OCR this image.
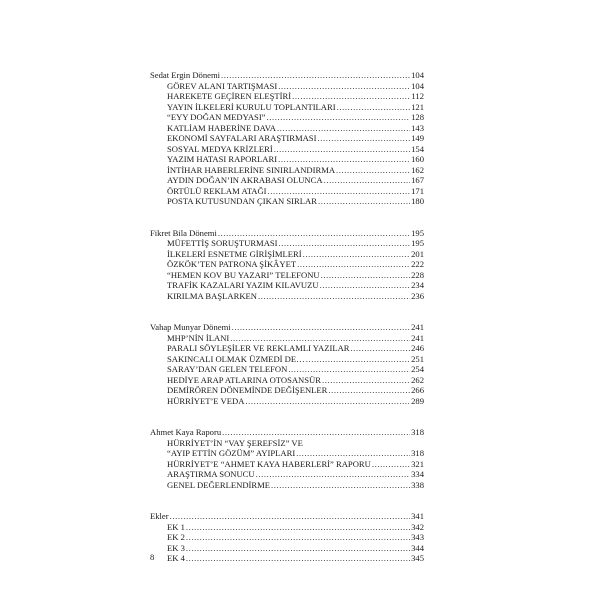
Sedat Ergin Dönemi .....	104
GÖREV ALANI TARTIŞMASI .....	104
HAREKETE GEÇİREN ELEŞTİRİ .....	112
YAYIN İLKELERİ KURULU TOPLANTILARI .....	121
“EYY DOĞAN MEDYASI” .....	128
KATLİAM HABERİNE DAVA .....	143
EKONOMİ SAYFALARI ARAŞTIRMASI .....	149
SOSYAL MEDYA KRİZLERİ .....	154
YAZIM HATASI RAPORLARI .....	160
İNTİHAR HABERLERİNE SINIRLANDIRMA .....	162
AYDIN DOĞAN’IN AKRABASI OLUNCA .....	167
ÖRTÜLÜ REKLAM ATAĞI .....	171
POSTA KUTUSUNDAN ÇIKAN SIRLAR .....	180
Fikret Bila Dönemi .....	195
MÜFETTİŞ SORUŞTURMASI .....	195
İLKELERİ ESNETME GİRİŞİMLERİ .....	201
ÖZKÖK’TEN PATRONA ŞİKÂYET .....	222
“HEMEN KOV BU YAZARI” TELEFONU .....	228
TRAFİK KAZALARI YAZIM KILAVUZU .....	234
KIRILMA BAŞLARKEN .....	236
Vahap Munyar Dönemi .....	241
MHP’NİN İLANI .....	241
PARALI SÖYLEŞİLER VE REKLAMLI YAZILAR .....	246
SAKINCALI OLMAK ÜZMEDİ DE… .....	251
SARAY’DAN GELEN TELEFON .....	254
HEDİYE ARAP ATLARINA OTOSANSÜR .....	262
DEMİRÖREN DÖNEMİNDE DEĞİŞENLER .....	266
HÜRRİYET’E VEDA .....	289
Ahmet Kaya Raporu .....	318
HÜRRİYET’İN “VAY ŞEREFSİZ” VE
“AYIP ETTİN GÖZÜM” AYIPLARI .....	318
HÜRRİYET’E “AHMET KAYA HABERLERİ” RAPORU .....	321
ARAŞTIRMA SONUCU .....	334
GENEL DEĞERLENDİRME .....	338
Ekler .....	341
EK 1 .....	342
EK 2 .....	343
EK 3 .....	344
EK 4 .....	345
8
